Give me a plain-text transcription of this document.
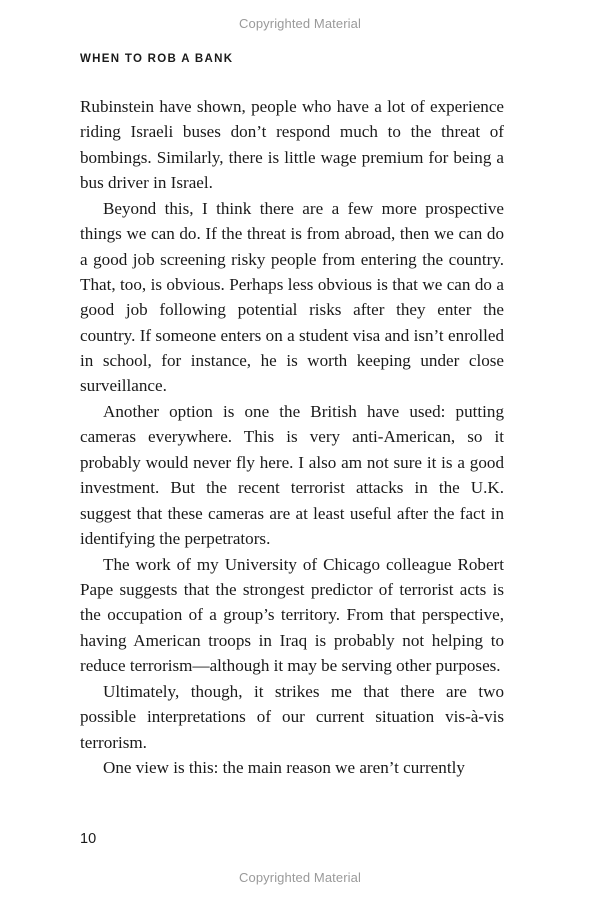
Copyrighted Material
WHEN TO ROB A BANK

Rubinstein have shown, people who have a lot of experience riding Israeli buses don’t respond much to the threat of bombings. Similarly, there is little wage premium for being a bus driver in Israel.

Beyond this, I think there are a few more prospective things we can do. If the threat is from abroad, then we can do a good job screening risky people from entering the country. That, too, is obvious. Perhaps less obvious is that we can do a good job following potential risks after they enter the country. If someone enters on a student visa and isn’t enrolled in school, for instance, he is worth keeping under close surveillance.

Another option is one the British have used: putting cameras everywhere. This is very anti-American, so it probably would never fly here. I also am not sure it is a good investment. But the recent terrorist attacks in the U.K. suggest that these cameras are at least useful after the fact in identifying the perpetrators.

The work of my University of Chicago colleague Robert Pape suggests that the strongest predictor of terrorist acts is the occupation of a group’s territory. From that perspective, having American troops in Iraq is probably not helping to reduce terrorism—although it may be serving other purposes.

Ultimately, though, it strikes me that there are two possible interpretations of our current situation vis-à-vis terrorism.

One view is this: the main reason we aren’t currently

10
Copyrighted Material
